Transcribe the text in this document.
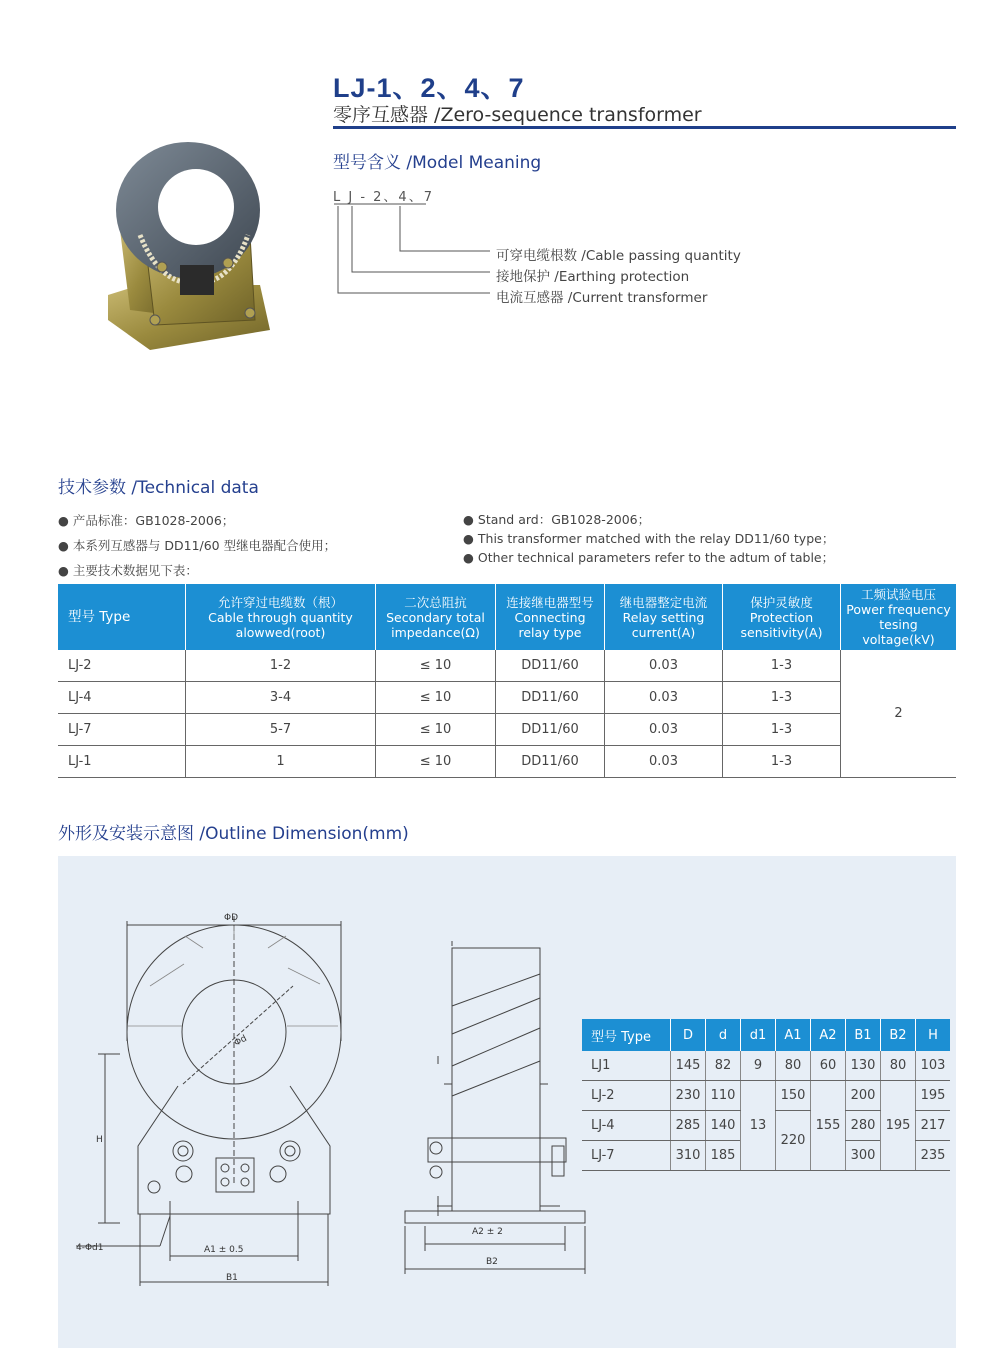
LJ-1、2、4、7
零序互感器 /Zero-sequence transformer
型号含义 /Model Meaning
L J - 2、4、7
可穿电缆根数 /Cable passing quantity
接地保护 /Earthing protection
电流互感器 /Current transformer
技术参数 /Technical data
● 产品标准：GB1028-2006；
● 本系列互感器与 DD11/60 型继电器配合使用；
● 主要技术数据见下表：
● Stand ard：GB1028-2006；
● This transformer matched with the relay DD11/60 type；
● Other technical parameters refer to the adtum of table；
型号 Type	允许穿过电缆数（根）
Cable through quantity
alowwed(root)	二次总阻抗
Secondary total
impedance(Ω)	连接继电器型号
Connecting
relay type	继电器整定电流
Relay setting
current(A)	保护灵敏度
Protection
sensitivity(A)	工频试验电压
Power frequency
tesing voltage(kV)
LJ-2	1-2	≤ 10	DD11/60	0.03	1-3	2
LJ-4	3-4	≤ 10	DD11/60	0.03	1-3	
LJ-7	5-7	≤ 10	DD11/60	0.03	1-3	
LJ-1	1	≤ 10	DD11/60	0.03	1-3	
外形及安装示意图 /Outline Dimension(mm)
ΦD
Φd
H
4-Φd1	A1 ± 0.5
B1
A2 ± 2
B2
型号 Type	D	d	d1	A1	A2	B1	B2	H
LJ1	145	82	9	80	60	130	80	103
LJ-2	230	110	13	150	155	200	195	195
LJ-4	285	140		220		280		217
LJ-7	310	185				300		235
